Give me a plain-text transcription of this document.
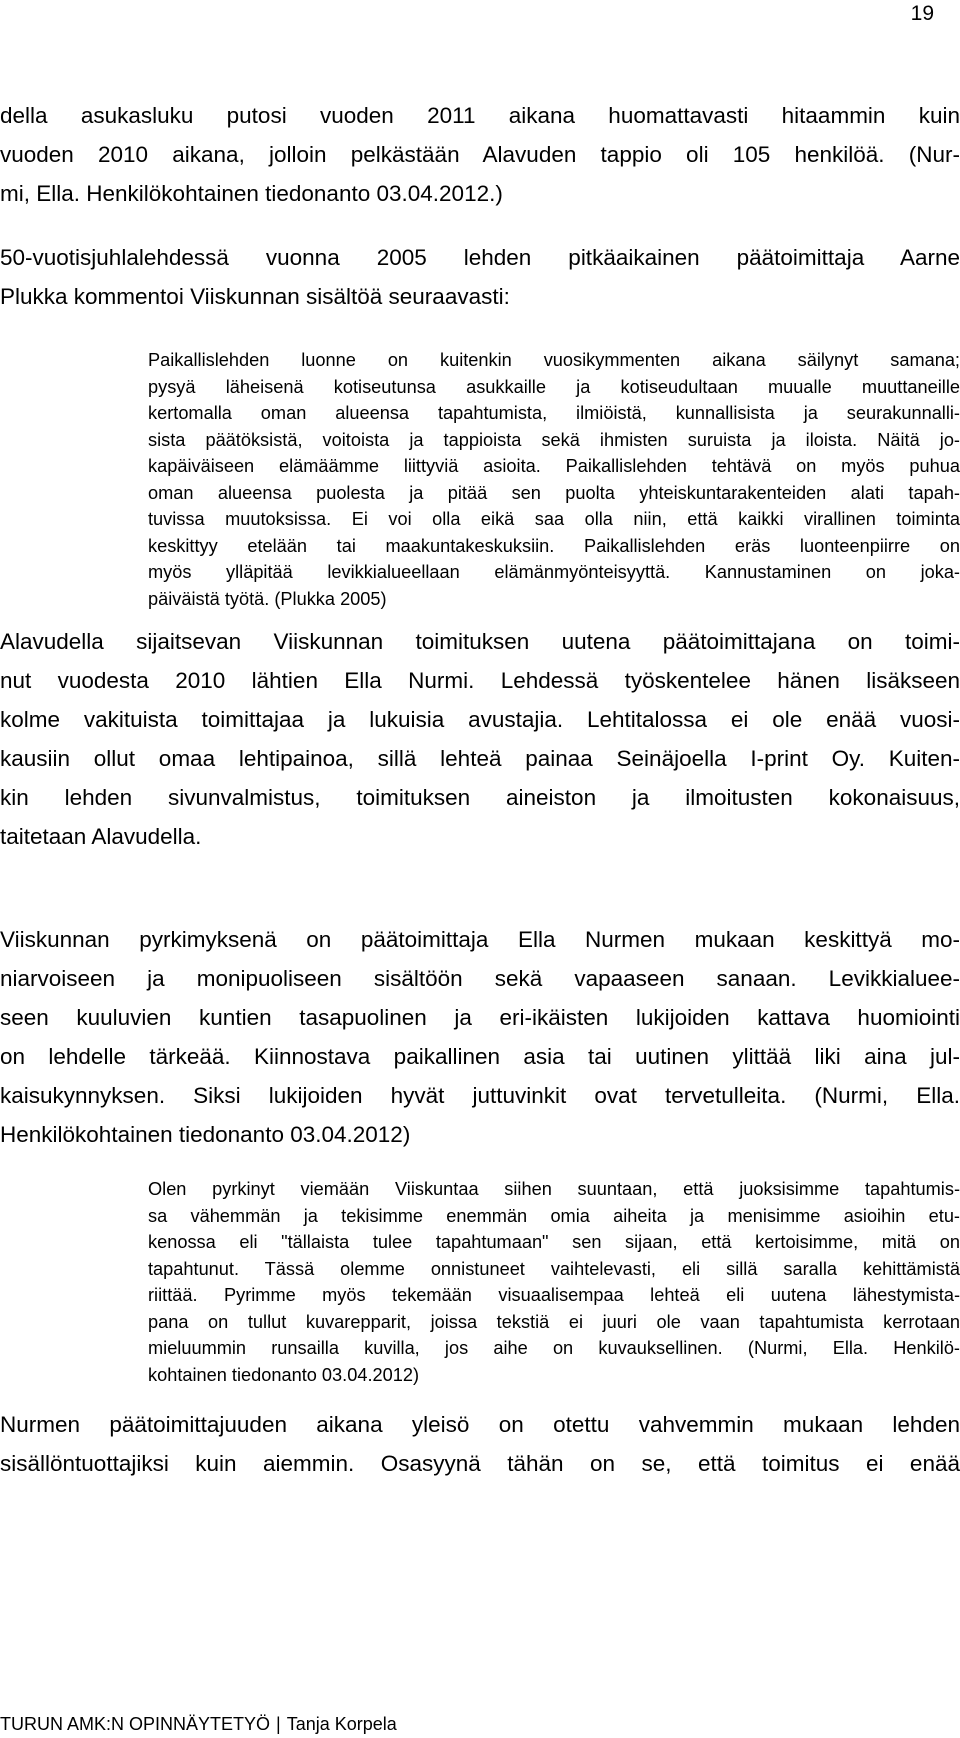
19
della asukasluku putosi vuoden 2011 aikana huomattavasti hitaammin kuin
vuoden 2010 aikana, jolloin pelkästään Alavuden tappio oli 105 henkilöä. (Nur-
mi, Ella. Henkilökohtainen tiedonanto 03.04.2012.)
50-vuotisjuhlalehdessä vuonna 2005 lehden pitkäaikainen päätoimittaja Aarne
Plukka kommentoi Viiskunnan sisältöä seuraavasti:
Paikallislehden luonne on kuitenkin vuosikymmenten aikana säilynyt samana;
pysyä läheisenä kotiseutunsa asukkaille ja kotiseudultaan muualle muuttaneille
kertomalla oman alueensa tapahtumista, ilmiöistä, kunnallisista ja seurakunnalli-
sista päätöksistä, voitoista ja tappioista sekä ihmisten suruista ja iloista. Näitä jo-
kapäiväiseen elämäämme liittyviä asioita. Paikallislehden tehtävä on myös puhua
oman alueensa puolesta ja pitää sen puolta yhteiskuntarakenteiden alati tapah-
tuvissa muutoksissa. Ei voi olla eikä saa olla niin, että kaikki virallinen toiminta
keskittyy etelään tai maakuntakeskuksiin. Paikallislehden eräs luonteenpiirre on
myös ylläpitää levikkialueellaan elämänmyönteisyyttä. Kannustaminen on joka-
päiväistä työtä. (Plukka 2005)
Alavudella sijaitsevan Viiskunnan toimituksen uutena päätoimittajana on toimi-
nut vuodesta 2010 lähtien Ella Nurmi. Lehdessä työskentelee hänen lisäkseen
kolme vakituista toimittajaa ja lukuisia avustajia. Lehtitalossa ei ole enää vuosi-
kausiin ollut omaa lehtipainoa, sillä lehteä painaa Seinäjoella I-print Oy. Kuiten-
kin lehden sivunvalmistus, toimituksen aineiston ja ilmoitusten kokonaisuus,
taitetaan Alavudella.
Viiskunnan pyrkimyksenä on päätoimittaja Ella Nurmen mukaan keskittyä mo-
niarvoiseen ja monipuoliseen sisältöön sekä vapaaseen sanaan. Levikkialuee-
seen kuuluvien kuntien tasapuolinen ja eri-ikäisten lukijoiden kattava huomiointi
on lehdelle tärkeää. Kiinnostava paikallinen asia tai uutinen ylittää liki aina jul-
kaisukynnyksen. Siksi lukijoiden hyvät juttuvinkit ovat tervetulleita. (Nurmi, Ella.
Henkilökohtainen tiedonanto 03.04.2012)
Olen pyrkinyt viemään Viiskuntaa siihen suuntaan, että juoksisimme tapahtumis-
sa vähemmän ja tekisimme enemmän omia aiheita ja menisimme asioihin etu-
kenossa eli "tällaista tulee tapahtumaan" sen sijaan, että kertoisimme, mitä on
tapahtunut. Tässä olemme onnistuneet vaihtelevasti, eli sillä saralla kehittämistä
riittää. Pyrimme myös tekemään visuaalisempaa lehteä eli uutena lähestymista-
pana on tullut kuvarepparit, joissa tekstiä ei juuri ole vaan tapahtumista kerrotaan
mieluummin runsailla kuvilla, jos aihe on kuvauksellinen. (Nurmi, Ella. Henkilö-
kohtainen tiedonanto 03.04.2012)
Nurmen päätoimittajuuden aikana yleisö on otettu vahvemmin mukaan lehden
sisällöntuottajiksi kuin aiemmin. Osasyynä tähän on se, että toimitus ei enää
TURUN AMK:N OPINNÄYTETYÖ | Tanja Korpela
